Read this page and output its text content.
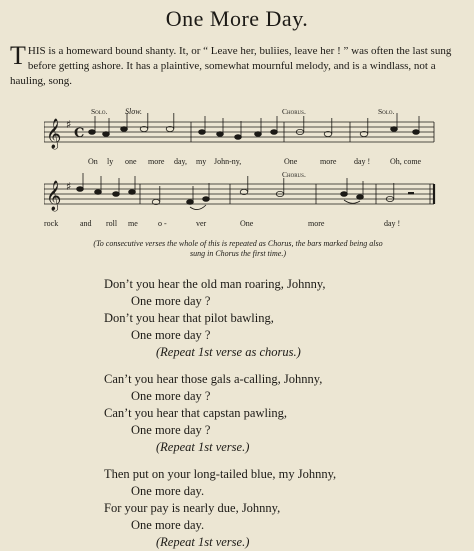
One More Day.
THIS is a homeward bound shanty. It, or “ Leave her, buliies, leave her ! ” was often the last sung before getting ashore. It has a plaintive, somewhat mournful melody, and is a windlass, not a hauling, song.
𝄞 ♯
C
𝄞 ♯
Solo. Slow.	Chorus.	Solo.
Chorus.
On ly one more day, my John-ny,	One	more day ! Oh, come
rock	and roll me	o -	ver	One	more	day !
(To consecutive verses the whole of this is repeated as Chorus, the bars marked being also
sung in Chorus the first time.)
Don’t you hear the old man roaring, Johnny,
One more day ?
Don’t you hear that pilot bawling,
One more day ?
(Repeat 1st verse as chorus.)
Can’t you hear those gals a-calling, Johnny,
One more day ?
Can’t you hear that capstan pawling,
One more day ?
(Repeat 1st verse.)
Then put on your long-tailed blue, my Johnny,
One more day.
For your pay is nearly due, Johnny,
One more day.
(Repeat 1st verse.)
